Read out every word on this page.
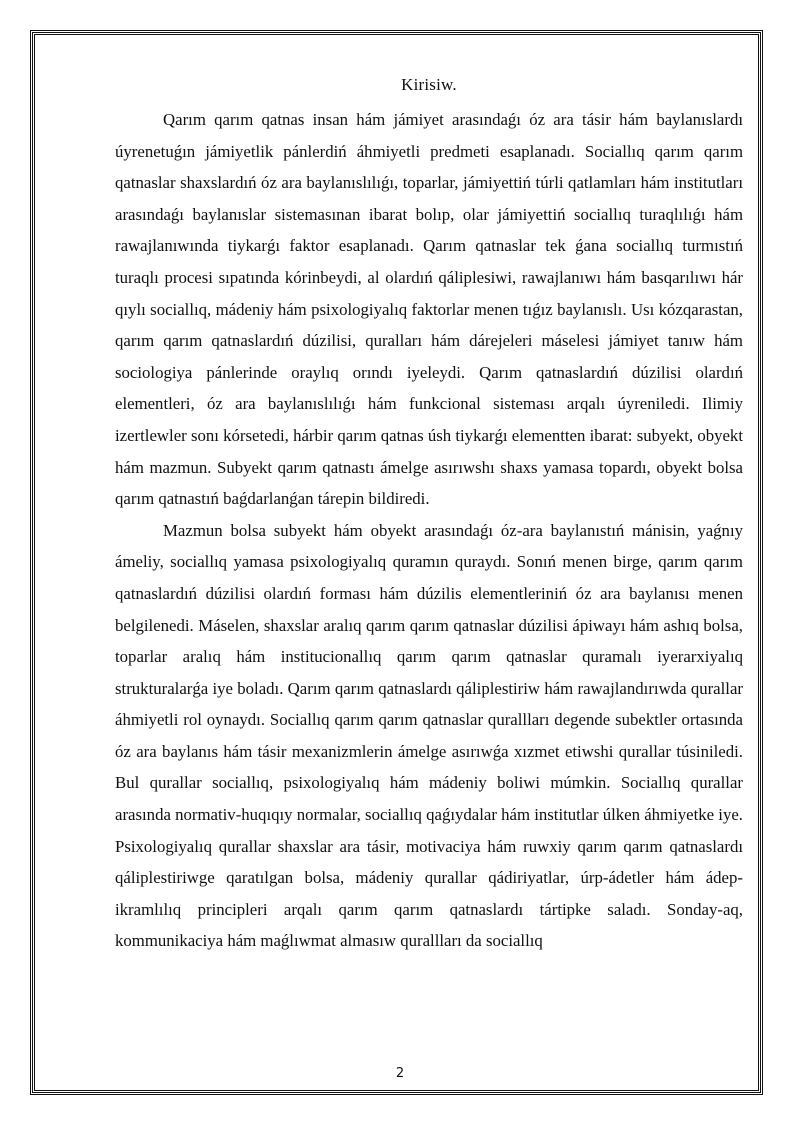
Kirisiw.

Qarım qarım qatnas insan hám jámiyet arasındaǵı óz ara tásir hám baylanıslardı úyrenetuǵın jámiyetlik pánlerdiń áhmiyetli predmeti esaplanadı. Sociallıq qarım qarım qatnaslar shaxslardıń óz ara baylanıslılıǵı, toparlar, jámiyettiń túrli qatlamları hám institutları arasındaǵı baylanıslar sistemasınan ibarat bolıp, olar jámiyettiń sociallıq turaqlılıǵı hám rawajlanıwında tiykarǵı faktor esaplanadı. Qarım qatnaslar tek ǵana sociallıq turmıstıń turaqlı procesi sıpatında kórinbeydi, al olardıń qáliplesiwi, rawajlanıwı hám basqarılıwı hár qıylı sociallıq, mádeniy hám psixologiyalıq faktorlar menen tıǵız baylanıslı. Usı kózqarastan, qarım qarım qatnaslardıń dúzilisi, quralları hám dárejeleri máselesi jámiyet tanıw hám sociologiya pánlerinde oraylıq orındı iyeleydi. Qarım qatnaslardıń dúzilisi olardıń elementleri, óz ara baylanıslılıǵı hám funkcional sisteması arqalı úyreniledi. Ilimiy izertlewler sonı kórsetedi, hárbir qarım qatnas úsh tiykarǵı elementten ibarat: subyekt, obyekt hám mazmun. Subyekt qarım qatnastı ámelge asırıwshı shaxs yamasa topardı, obyekt bolsa qarım qatnastıń baǵdarlanǵan tárepin bildiredi.

Mazmun bolsa subyekt hám obyekt arasındaǵı óz-ara baylanıstıń mánisin, yaǵnıy ámeliy, sociallıq yamasa psixologiyalıq quramın quraydı. Sonıń menen birge, qarım qarım qatnaslardıń dúzilisi olardıń forması hám dúzilis elementleriniń óz ara baylanısı menen belgilenedi. Máselen, shaxslar aralıq qarım qarım qatnaslar dúzilisi ápiwayı hám ashıq bolsa, toparlar aralıq hám institucionallıq qarım qarım qatnaslar quramalı iyerarxiyalıq strukturalarǵa iye boladı. Qarım qarım qatnaslardı qáliplestiriw hám rawajlandırıwda qurallar áhmiyetli rol oynaydı. Sociallıq qarım qarım qatnaslar qurallları degende subektler ortasında óz ara baylanıs hám tásir mexanizmlerin ámelge asırıwǵa xızmet etiwshi qurallar túsiniledi. Bul qurallar sociallıq, psixologiyalıq hám mádeniy boliwi múmkin. Sociallıq qurallar arasında normativ-huqıqıy normalar, sociallıq qaǵıydalar hám institutlar úlken áhmiyetke iye. Psixologiyalıq qurallar shaxslar ara tásir, motivaciya hám ruwxiy qarım qarım qatnaslardı qáliplestiriwge qaratılgan bolsa, mádeniy qurallar qádiriyatlar, úrp-ádetler hám ádep-ikramlılıq principleri arqalı qarım qarım qatnaslardı tártipke saladı. Sonday-aq, kommunikaciya hám maǵlıwmat almasıw qurallları da sociallıq

2
